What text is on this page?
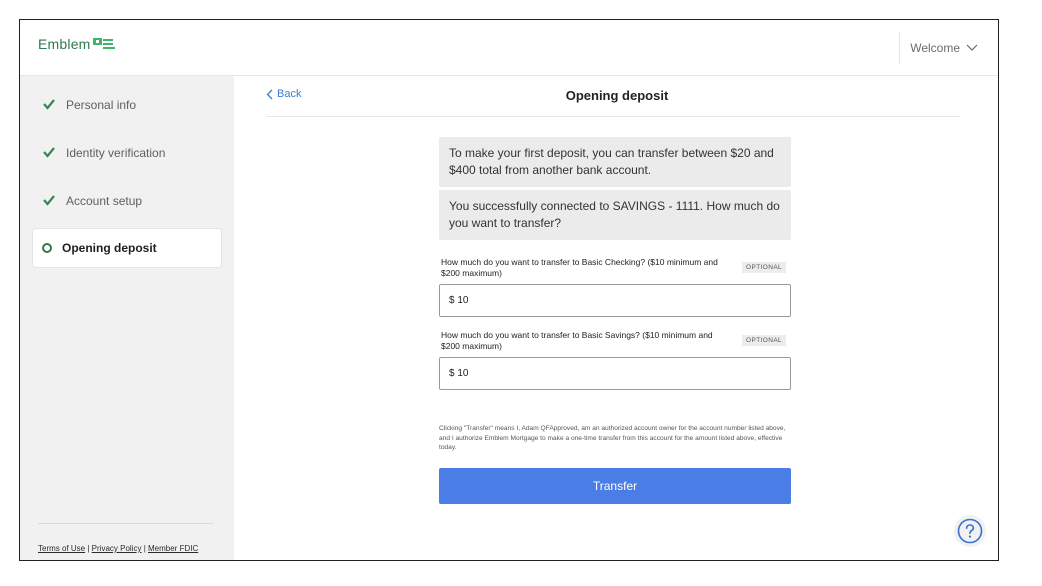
Emblem	Welcome
Personal info
Identity verification
Account setup
Opening deposit
Terms of Use | Privacy Policy | Member FDIC
Back	Opening deposit
To make your first deposit, you can transfer between $20 and $400 total from another bank account.
You successfully connected to SAVINGS - 1111. How much do you want to transfer?
How much do you want to transfer to Basic Checking? ($10 minimum and $200 maximum)
OPTIONAL
$ 10
How much do you want to transfer to Basic Savings? ($10 minimum and $200 maximum)
OPTIONAL
$ 10
Clicking "Transfer" means I, Adam QFApproved, am an authorized account owner for the account number listed above, and I authorize Emblem Mortgage to make a one-time transfer from this account for the amount listed above, effective today.
Transfer
